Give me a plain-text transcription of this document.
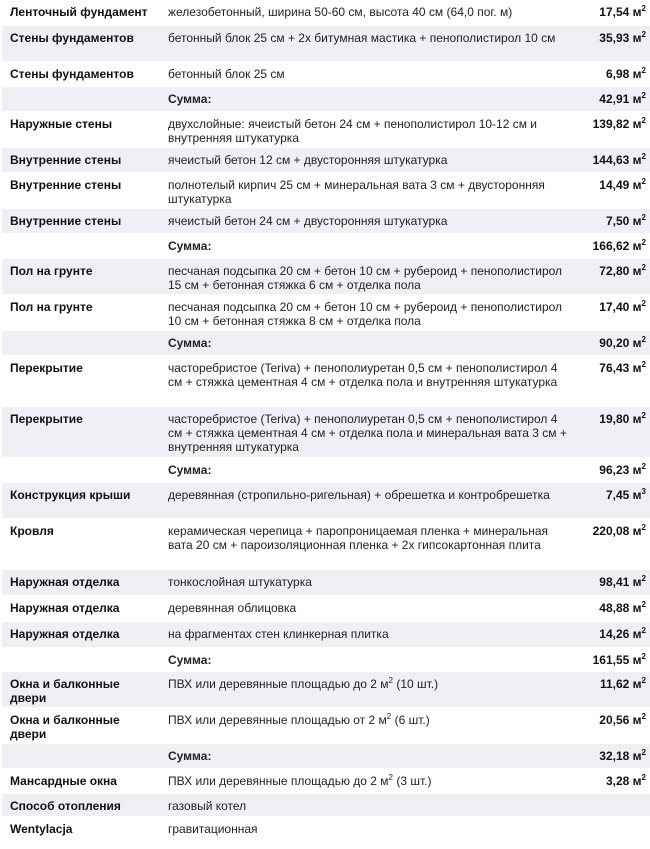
Ленточный фундамент	железобетонный, ширина 50-60 см, высота 40 см (64,0 пог. м)	17,54 $м^2$
Стены фундаментов	бетонный блок 25 см + 2х битумная мастика + пенополистирол 10 см	35,93 $м^2$
Стены фундаментов	бетонный блок 25 см	6,98 $м^2$
	Сумма:	42,91 $м^2$
Наружные стены	двухслойные: ячеистый бетон 24 см + пенополистирол 10-12 см и внутренняя штукатурка	139,82 $м^2$
Внутренние стены	ячеистый бетон 12 см + двусторонняя штукатурка	144,63 $м^2$
Внутренние стены	полнотелый кирпич 25 см + минеральная вата 3 см + двусторонняя штукатурка	14,49 $м^2$
Внутренние стены	ячеистый бетон 24 см + двусторонняя штукатурка	7,50 $м^2$
	Сумма:	166,62 $м^2$
Пол на грунте	песчаная подсыпка 20 см + бетон 10 см + рубероид + пенополистирол 15 см + бетонная стяжка 6 см + отделка пола	72,80 $м^2$
Пол на грунте	песчаная подсыпка 20 см + бетон 10 см + рубероид + пенополистирол 10 см + бетонная стяжка 8 см + отделка пола	17,40 $м^2$
	Сумма:	90,20 $м^2$
Перекрытие	часторебристое (Teriva) + пенополиуретан 0,5 см + пенополистирол 4 см + стяжка цементная 4 см + отделка пола и внутренняя штукатурка	76,43 $м^2$
Перекрытие	часторебристое (Teriva) + пенополиуретан 0,5 см + пенополистирол 4 см + стяжка цементная 4 см + отделка пола и минеральная вата 3 см + внутренняя штукатурка	19,80 $м^2$
	Сумма:	96,23 $м^2$
Конструкция крыши	деревянная (стропильно-ригельная) + обрешетка и контробрешетка	7,45 $м^3$
Кровля	керамическая черепица + паропроницаемая пленка + минеральная вата 20 см + пароизоляционная пленка + 2х гипсокартонная плита	220,08 $м^2$
Наружная отделка	тонкослойная штукатурка	98,41 $м^2$
Наружная отделка	деревянная облицовка	48,88 $м^2$
Наружная отделка	на фрагментах стен клинкерная плитка	14,26 $м^2$
	Сумма:	161,55 $м^2$
Окна и балконные двери	ПВХ или деревянные площадью до 2 $м^2$ (10 шт.)	11,62 $м^2$
Окна и балконные двери	ПВХ или деревянные площадью от 2 $м^2$ (6 шт.)	20,56 $м^2$
	Сумма:	32,18 $м^2$
Мансардные окна	ПВХ или деревянные площадью до 2 $м^2$ (3 шт.)	3,28 $м^2$
Способ отопления	газовый котел	
Wentylacja	гравитационная	
